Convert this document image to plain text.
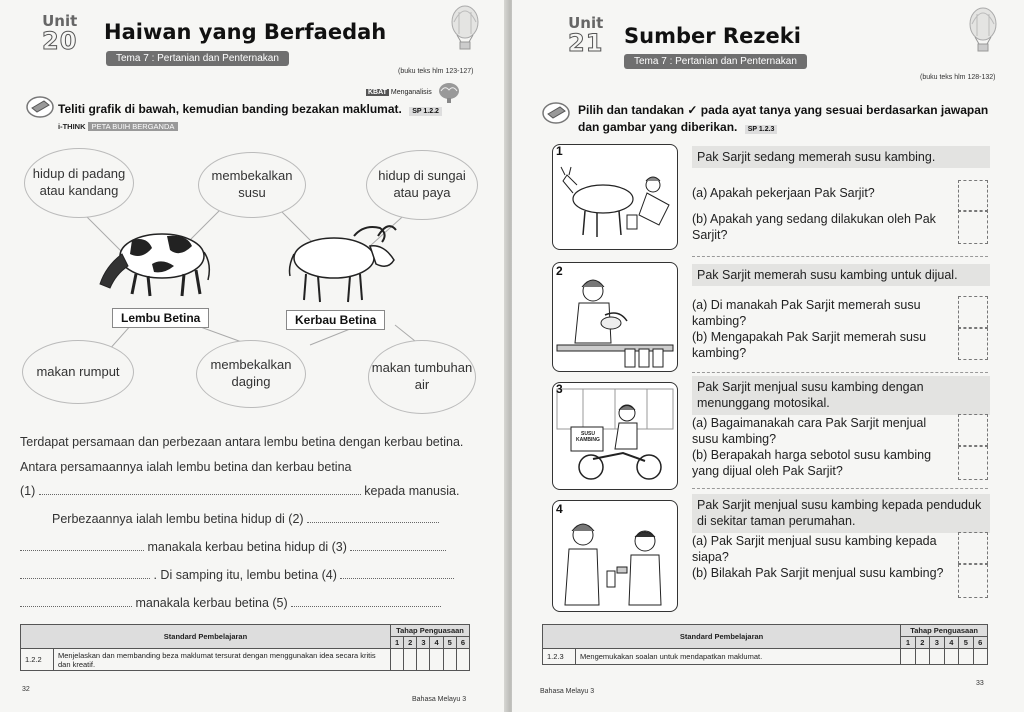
Unit
20 Haiwan yang Berfaedah
Tema 7 : Pertanian dan Penternakan
(buku teks hlm 123-127)
KBAT Menganalisis
Teliti grafik di bawah, kemudian banding bezakan maklumat. SP 1.2.2
i-THINK PETA BUIH BERGANDA
hidup di padang atau kandang
membekalkan susu
hidup di sungai atau paya
makan rumput	membekalkan daging
makan tumbuhan air
Lembu Betina	Kerbau Betina
Terdapat persamaan dan perbezaan antara lembu betina dengan kerbau betina. Antara persamaannya ialah lembu betina dan kerbau betina
(1)	kepada manusia.
Perbezaannya ialah lembu betina hidup di (2)
manakala kerbau betina hidup di (3)
. Di samping itu, lembu betina (4)
manakala kerbau betina (5)
Standard Pembelajaran		Tahap Penguasaan					
		1	2	3	4	5	6
1.2.2	Menjelaskan dan membanding beza maklumat tersurat dengan menggunakan idea secara kritis dan kreatif.						
32
Bahasa Melayu 3
Unit
21 Sumber Rezeki
Tema 7 : Pertanian dan Penternakan
(buku teks hlm 128-132)
Pilih dan tandakan ✓ pada ayat tanya yang sesuai berdasarkan jawapan dan gambar yang diberikan. SP 1.2.3
1	Pak Sarjit sedang memerah susu kambing.
(a) Apakah pekerjaan Pak Sarjit?
(b) Apakah yang sedang dilakukan oleh Pak Sarjit?
2	Pak Sarjit memerah susu kambing untuk dijual.
(a) Di manakah Pak Sarjit memerah susu kambing?
(b) Mengapakah Pak Sarjit memerah susu kambing?
SUSU KAMBING
3	Pak Sarjit menjual susu kambing dengan menunggang motosikal.
(a) Bagaimanakah cara Pak Sarjit menjual susu kambing?
(b) Berapakah harga sebotol susu kambing yang dijual oleh Pak Sarjit?
4	Pak Sarjit menjual susu kambing kepada penduduk di sekitar taman perumahan.
(a) Pak Sarjit menjual susu kambing kepada siapa?
(b) Bilakah Pak Sarjit menjual susu kambing?
Standard Pembelajaran		Tahap Penguasaan					
		1	2	3	4	5	6
1.2.3	Mengemukakan soalan untuk mendapatkan maklumat.						
Bahasa Melayu 3
33
